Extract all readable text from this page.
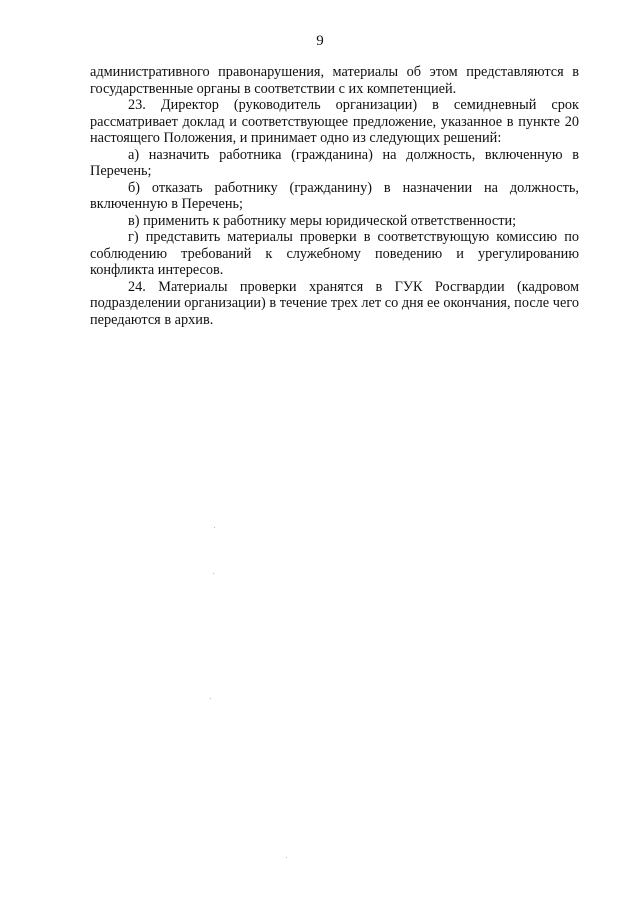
9

административного правонарушения, материалы об этом представляются в государственные органы в соответствии с их компетенцией.

23. Директор (руководитель организации) в семидневный срок рассматривает доклад и соответствующее предложение, указанное в пункте 20 настоящего Положения, и принимает одно из следующих решений:

а) назначить работника (гражданина) на должность, включенную в Перечень;

б) отказать работнику (гражданину) в назначении на должность, включенную в Перечень;

в) применить к работнику меры юридической ответственности;

г) представить материалы проверки в соответствующую комиссию по соблюдению требований к служебному поведению и урегулированию конфликта интересов.

24. Материалы проверки хранятся в ГУК Росгвардии (кадровом подразделении организации) в течение трех лет со дня ее окончания, после чего передаются в архив.
